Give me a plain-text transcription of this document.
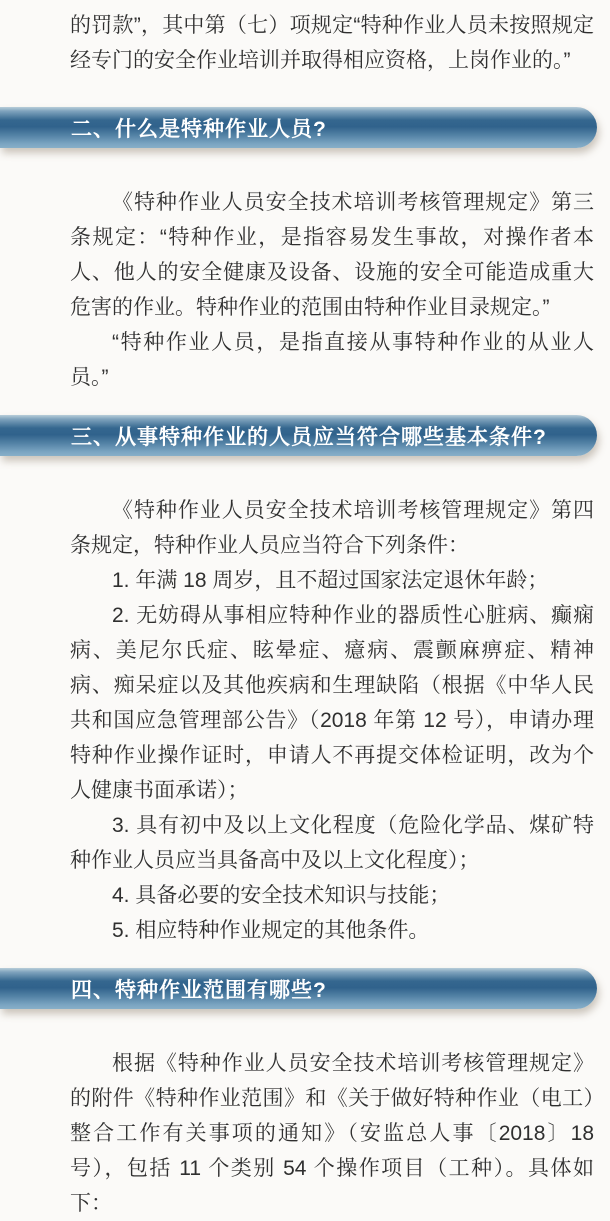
的罚款”，其中第（七）项规定“特种作业人员未按照规定经专门的安全作业培训并取得相应资格，上岗作业的。”

二、什么是特种作业人员?

《特种作业人员安全技术培训考核管理规定》第三条规定：“特种作业，是指容易发生事故，对操作者本人、他人的安全健康及设备、设施的安全可能造成重大危害的作业。特种作业的范围由特种作业目录规定。”

“特种作业人员，是指直接从事特种作业的从业人员。”

三、从事特种作业的人员应当符合哪些基本条件?

《特种作业人员安全技术培训考核管理规定》第四条规定，特种作业人员应当符合下列条件：

1. 年满 18 周岁，且不超过国家法定退休年龄；

2. 无妨碍从事相应特种作业的器质性心脏病、癫痫病、美尼尔氏症、眩晕症、癔病、震颤麻痹症、精神病、痴呆症以及其他疾病和生理缺陷（根据《中华人民共和国应急管理部公告》（2018 年第 12 号），申请办理特种作业操作证时，申请人不再提交体检证明，改为个人健康书面承诺）；

3. 具有初中及以上文化程度（危险化学品、煤矿特种作业人员应当具备高中及以上文化程度）；

4. 具备必要的安全技术知识与技能；

5. 相应特种作业规定的其他条件。

四、特种作业范围有哪些?

根据《特种作业人员安全技术培训考核管理规定》的附件《特种作业范围》和《关于做好特种作业（电工）整合工作有关事项的通知》（安监总人事〔2018〕18 号），包括 11 个类别 54 个操作项目（工种）。具体如下：
